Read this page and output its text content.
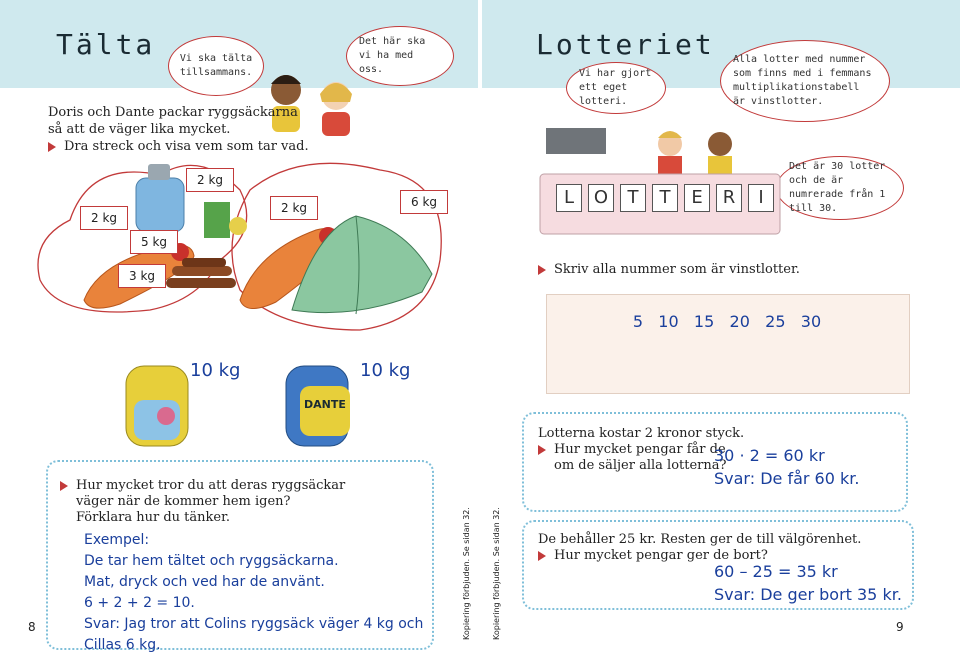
Tälta	Vi ska tälta tillsammans.
Det här ska vi ha med oss.
Doris och Dante packar ryggsäckarna
så att de väger lika mycket.
Dra streck och visa vem som tar vad.
2 kg
2 kg
2 kg	6 kg
5 kg
3 kg
10 kg
DANTE
10 kg
Hur mycket tror du att deras ryggsäckar
väger när de kommer hem igen?
Förklara hur du tänker.
Exempel:
De tar hem tältet och ryggsäckarna.
Mat, dryck och ved har de använt.
6 + 2 + 2 = 10.
Svar: Jag tror att Colins ryggsäck väger 4 kg och
Cillas 6 kg.
8	Kopiering förbjuden. Se sidan 32.
Lotteriet
Vi har gjort ett eget lotteri.
Alla lotter med nummer som finns med i femmans multiplikationstabell är vinstlotter.
Det är 30 lotter och de är numrerade från 1 till 30.
L	O	T	T	E	R	I
Skriv alla nummer som är vinstlotter.
5   10   15   20   25   30
Lotterna kostar 2 kronor styck.
Hur mycket pengar får de
om de säljer alla lotterna?
30 · 2 = 60 kr
Svar: De får 60 kr.
De behåller 25 kr. Resten ger de till välgörenhet.
Hur mycket pengar ger de bort?
60 – 25 = 35 kr
Svar: De ger bort 35 kr.
9
Kopiering förbjuden. Se sidan 32.
